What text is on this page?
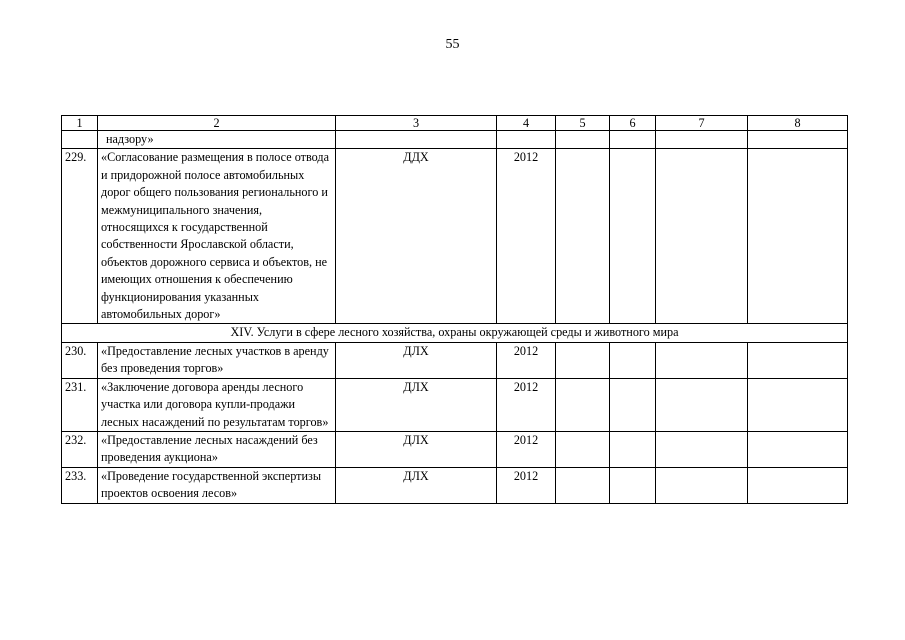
55
1	2	3	4	5	6	7	8
	надзору»						
229.	«Согласование размещения в полосе отвода и придорожной полосе автомобильных дорог общего пользования регионального и межмуниципального значения, относящихся к государственной собственности Ярославской области, объектов дорожного сервиса и объектов, не имеющих отношения к обеспечению функционирования указанных автомобильных дорог»	ДДХ	2012				
XIV. Услуги в сфере лесного хозяйства, охраны окружающей среды и животного мира							
230.	«Предоставление лесных участков в аренду без проведения торгов»	ДЛХ	2012				
231.	«Заключение договора аренды лесного участка или договора купли-продажи лесных насаждений по результатам торгов»	ДЛХ	2012				
232.	«Предоставление лесных насаждений без проведения аукциона»	ДЛХ	2012				
233.	«Проведение государственной экспертизы проектов освоения лесов»	ДЛХ	2012				
